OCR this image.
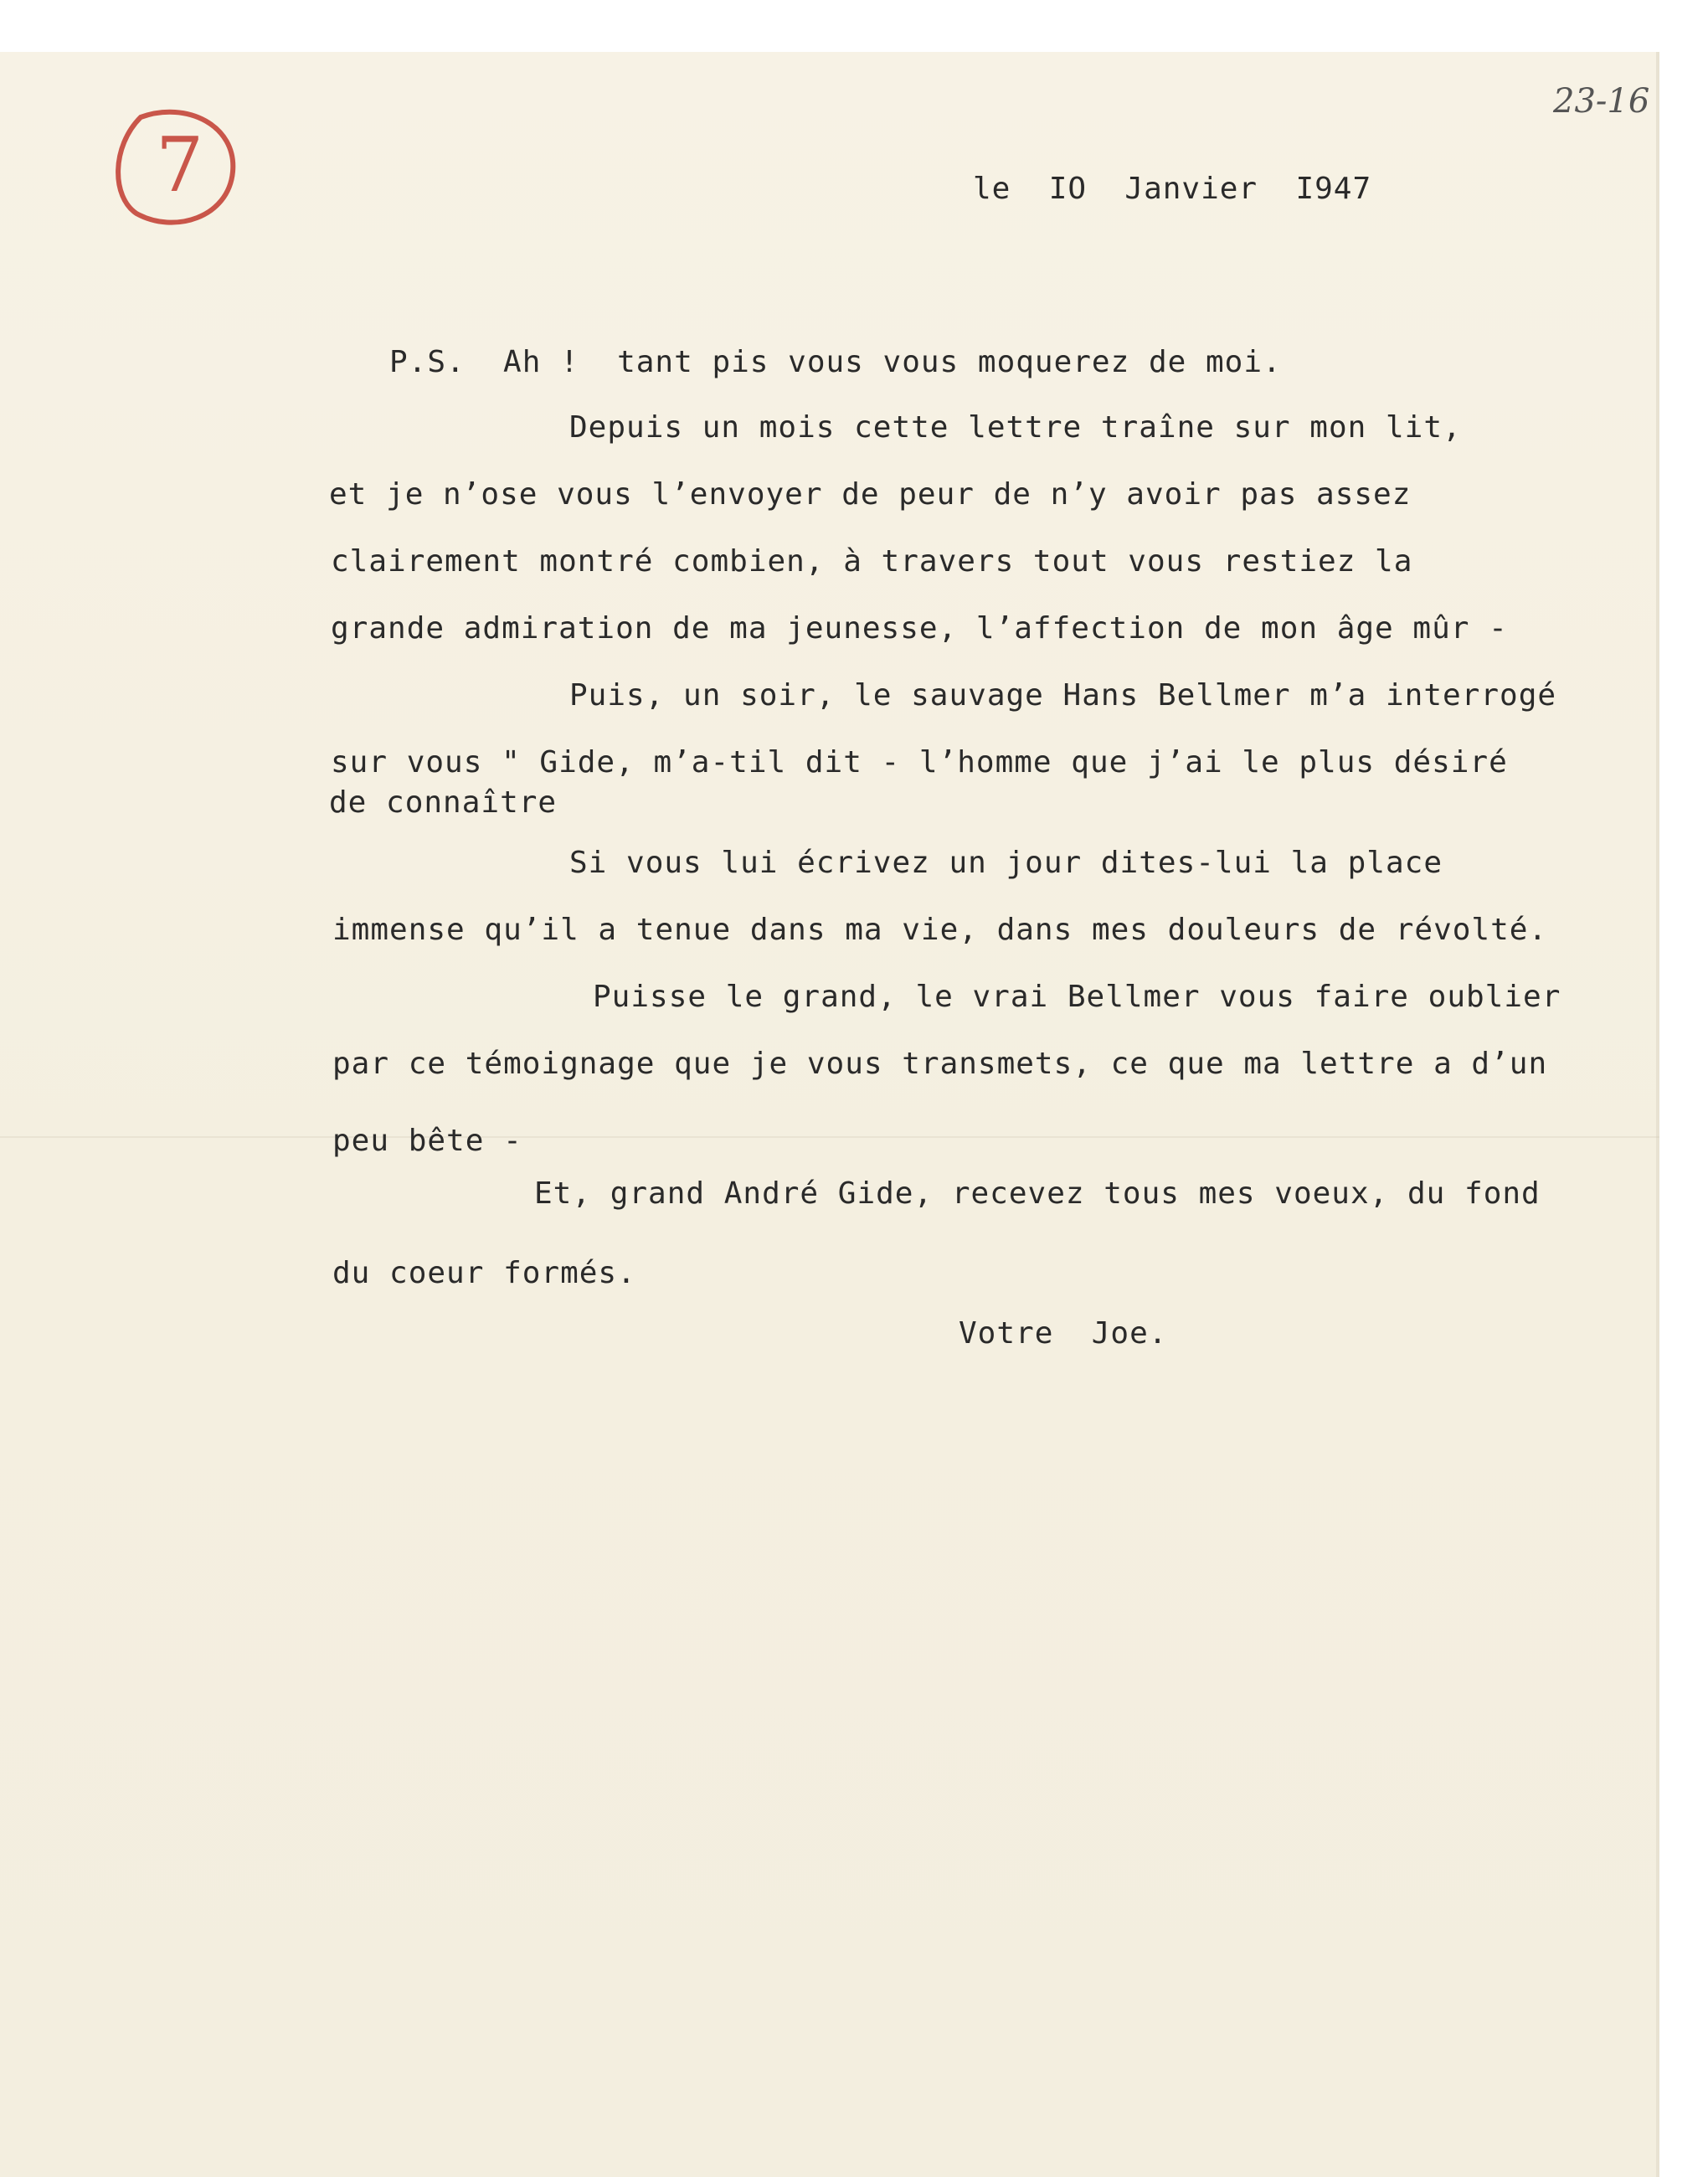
23-16
7	le  IO  Janvier  I947
P.S.  Ah !  tant pis vous vous moquerez de moi.
Depuis un mois cette lettre traîne sur mon lit,
et je n’ose vous l’envoyer de peur de n’y avoir pas assez
clairement montré combien, à travers tout vous restiez la
grande admiration de ma jeunesse, l’affection de mon âge mûr -
Puis, un soir, le sauvage Hans Bellmer m’a interrogé
sur vous " Gide, m’a-til dit - l’homme que j’ai le plus désiré
de connaître
Si vous lui écrivez un jour dites-lui la place
immense qu’il a tenue dans ma vie, dans mes douleurs de révolté.
Puisse le grand, le vrai Bellmer vous faire oublier
par ce témoignage que je vous transmets, ce que ma lettre a d’un
peu bête -
Et, grand André Gide, recevez tous mes voeux, du fond
du coeur formés.
Votre  Joe.
